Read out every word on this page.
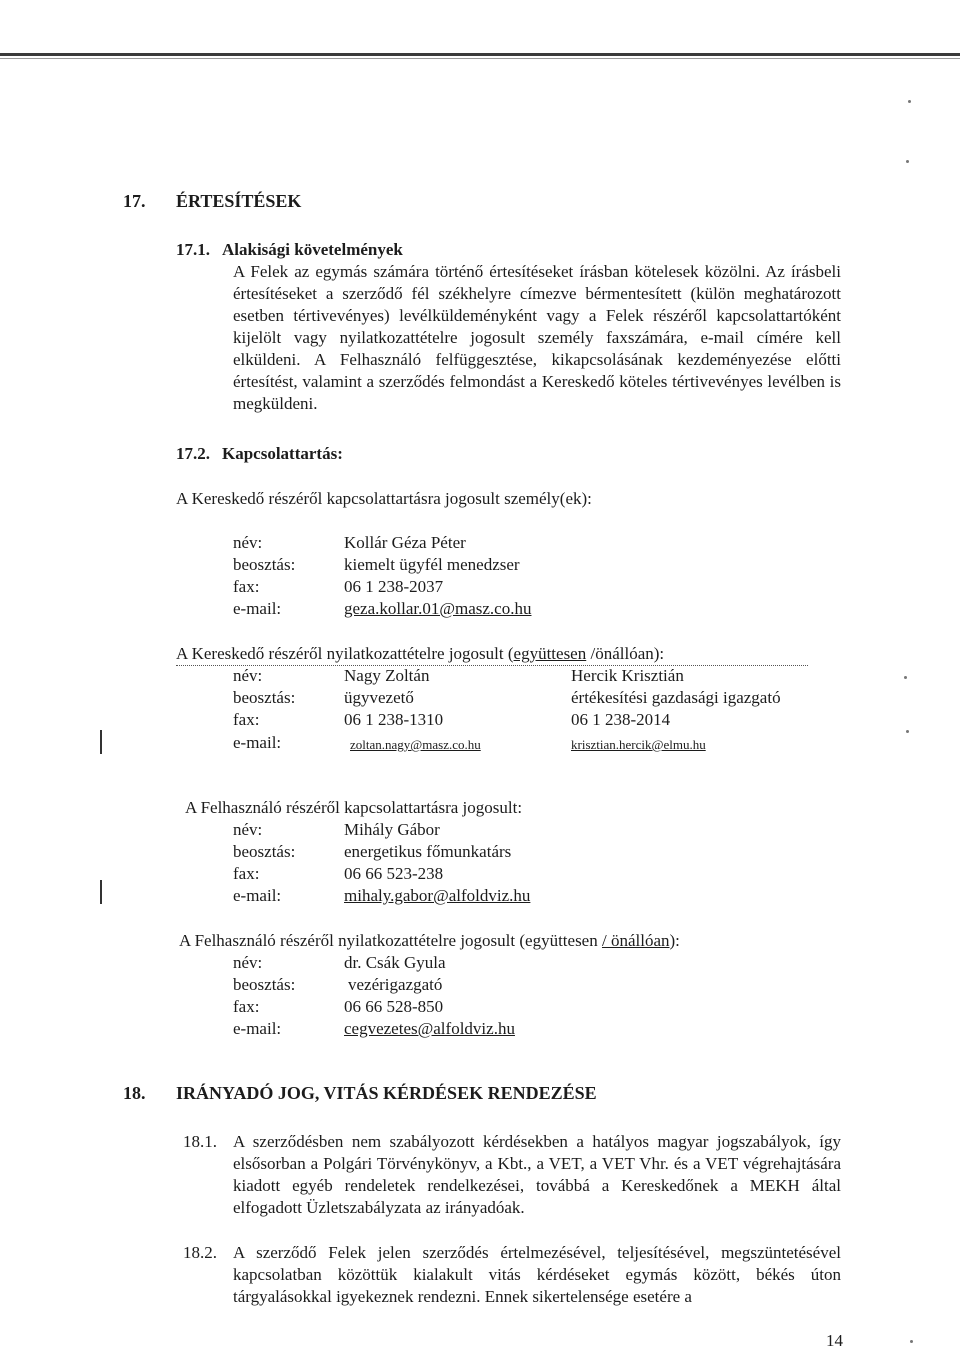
17. ÉRTESÍTÉSEK
17.1. Alakisági követelmények

A Felek az egymás számára történő értesítéseket írásban kötelesek közölni. Az írásbeli értesítéseket a szerződő fél székhelyre címezve bérmentesített (külön meghatározott esetben tértivevényes) levélküldeményként vagy a Felek részéről kapcsolattartóként kijelölt vagy nyilatkozattételre jogosult személy faxszámára, e-mail címére kell elküldeni. A Felhasználó felfüggesztése, kikapcsolásának kezdeményezése előtti értesítést, valamint a szerződés felmondást a Kereskedő köteles tértivevényes levélben is megküldeni.

17.2. Kapcsolattartás:
A Kereskedő részéről kapcsolattartásra jogosult személy(ek):
név:	Kollár Géza Péter
beosztás:	kiemelt ügyfél menedzser
fax:	06 1 238-2037
e-mail:	geza.kollar.01@masz.co.hu
A Kereskedő részéről nyilatkozattételre jogosult (együttesen /önállóan):
név:	Nagy Zoltán	Hercik Krisztián
beosztás:	ügyvezető	értékesítési gazdasági igazgató
fax:	06 1 238-1310	06 1 238-2014
e-mail:	zoltan.nagy@masz.co.hu	krisztian.hercik@elmu.hu
A Felhasználó részéről kapcsolattartásra jogosult:
név:	Mihály Gábor
beosztás:	energetikus főmunkatárs
fax:	06 66 523-238
e-mail:	mihaly.gabor@alfoldviz.hu
A Felhasználó részéről nyilatkozattételre jogosult (együttesen / önállóan):
név:	dr. Csák Gyula
beosztás:	vezérigazgató
fax:	06 66 528-850
e-mail:	cegvezetes@alfoldviz.hu
18. IRÁNYADÓ JOG, VITÁS KÉRDÉSEK RENDEZÉSE
18.1. A szerződésben nem szabályozott kérdésekben a hatályos magyar jogszabályok, így elsősorban a Polgári Törvénykönyv, a Kbt., a VET, a VET Vhr. és a VET végrehajtására kiadott egyéb rendeletek rendelkezései, továbbá a Kereskedőnek a MEKH által elfogadott Üzletszabályzata az irányadóak.

18.2. A szerződő Felek jelen szerződés értelmezésével, teljesítésével, megszüntetésével kapcsolatban közöttük kialakult vitás kérdéseket egymás között, békés úton tárgyalásokkal igyekeznek rendezni. Ennek sikertelensége esetére a

14
